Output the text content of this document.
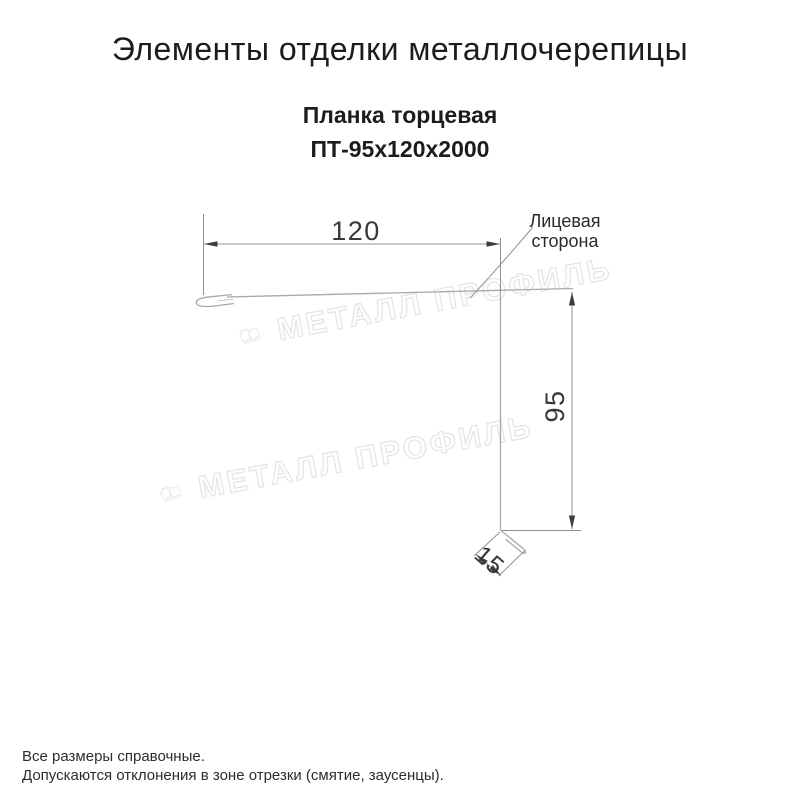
МЕТАЛЛ ПРОФИЛЬ
МЕТАЛЛ ПРОФИЛЬ
120
95
15
Элементы отделки металлочерепицы
Планка торцевая
ПТ-95х120х2000
Лицевая
сторона
Все размеры справочные.
Допускаются отклонения в зоне отрезки (смятие, заусенцы).
